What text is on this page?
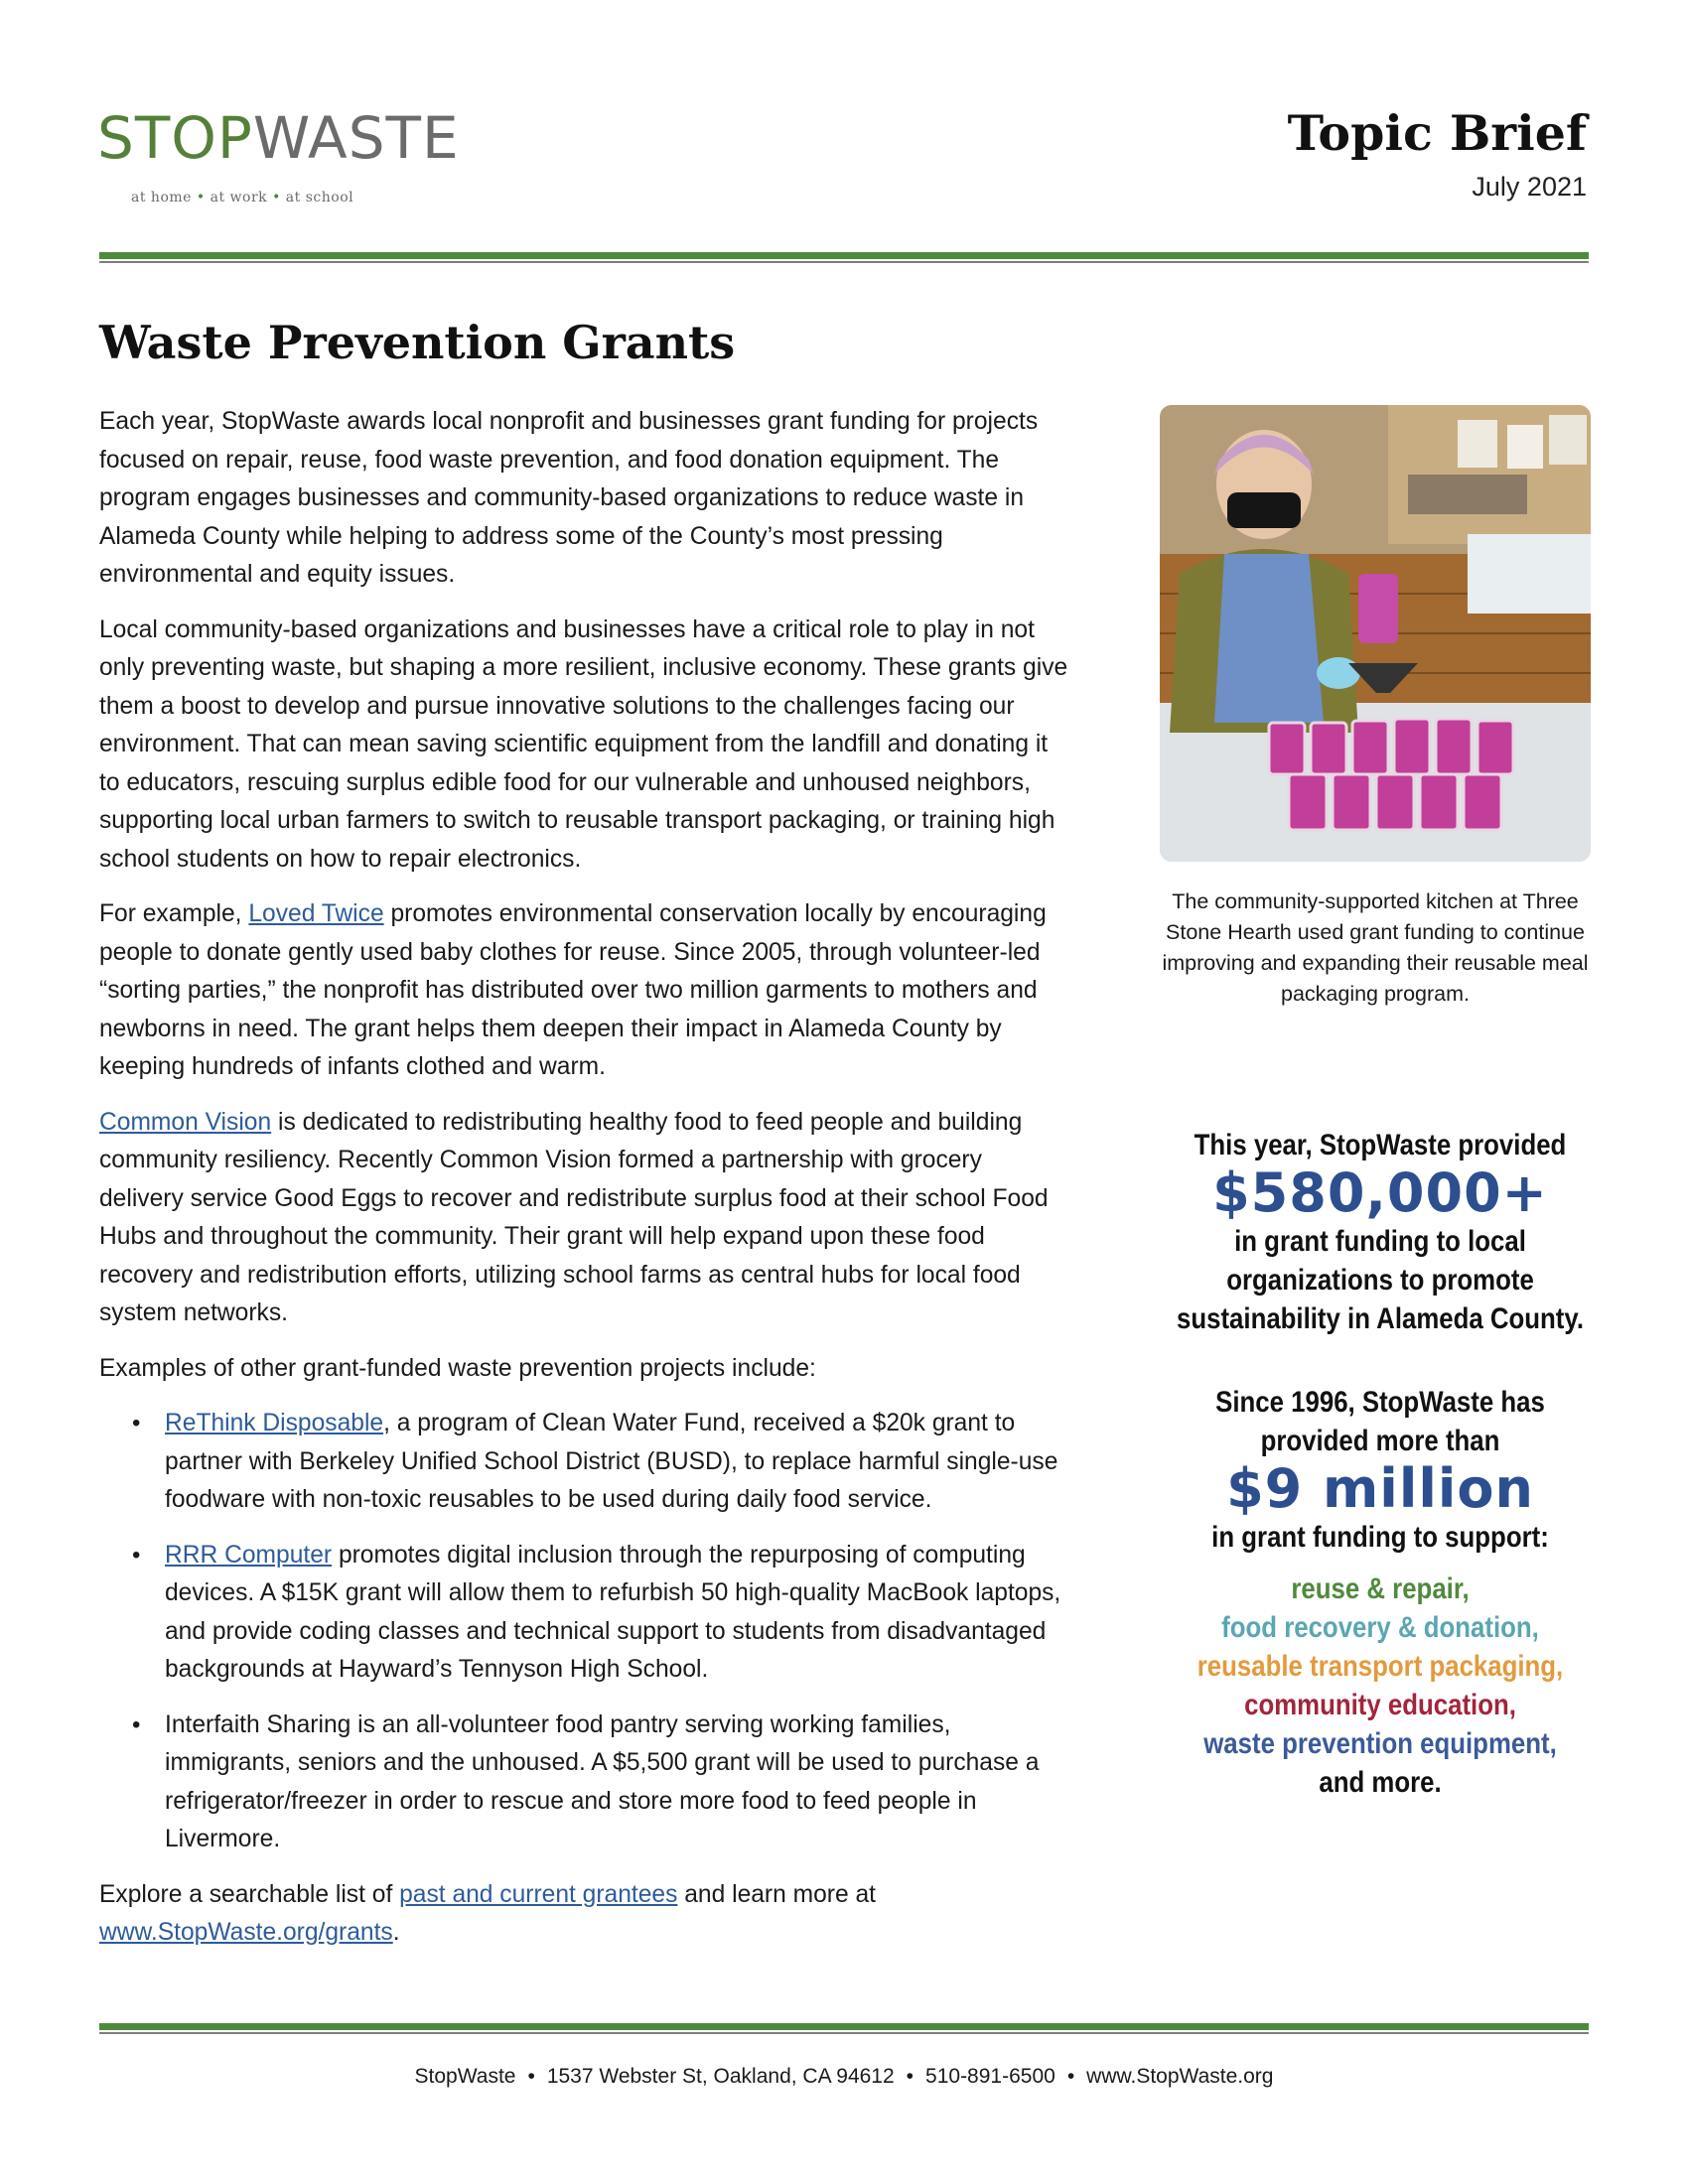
STOPWASTE
at home • at work • at school
Topic Brief
July 2021
Waste Prevention Grants

Each year, StopWaste awards local nonprofit and businesses grant funding for projects focused on repair, reuse, food waste prevention, and food donation equipment. The program engages businesses and community-based organizations to reduce waste in Alameda County while helping to address some of the County’s most pressing environmental and equity issues.

Local community-based organizations and businesses have a critical role to play in not only preventing waste, but shaping a more resilient, inclusive economy. These grants give them a boost to develop and pursue innovative solutions to the challenges facing our environment. That can mean saving scientific equipment from the landfill and donating it to educators, rescuing surplus edible food for our vulnerable and unhoused neighbors, supporting local urban farmers to switch to reusable transport packaging, or training high school students on how to repair electronics.

For example, Loved Twice promotes environmental conservation locally by encouraging people to donate gently used baby clothes for reuse. Since 2005, through volunteer-led “sorting parties,” the nonprofit has distributed over two million garments to mothers and newborns in need. The grant helps them deepen their impact in Alameda County by keeping hundreds of infants clothed and warm.

Common Vision is dedicated to redistributing healthy food to feed people and building community resiliency. Recently Common Vision formed a partnership with grocery delivery service Good Eggs to recover and redistribute surplus food at their school Food Hubs and throughout the community. Their grant will help expand upon these food recovery and redistribution efforts, utilizing school farms as central hubs for local food system networks.

Examples of other grant-funded waste prevention projects include:

• ReThink Disposable, a program of Clean Water Fund, received a $20k grant to partner with Berkeley Unified School District (BUSD), to replace harmful single-use foodware with non-toxic reusables to be used during daily food service.
• RRR Computer promotes digital inclusion through the repurposing of computing devices. A $15K grant will allow them to refurbish 50 high-quality MacBook laptops, and provide coding classes and technical support to students from disadvantaged backgrounds at Hayward’s Tennyson High School.
• Interfaith Sharing is an all-volunteer food pantry serving working families, immigrants, seniors and the unhoused. A $5,500 grant will be used to purchase a refrigerator/freezer in order to rescue and store more food to feed people in Livermore.

Explore a searchable list of past and current grantees and learn more at www.StopWaste.org/grants.

The community-supported kitchen at Three Stone Hearth used grant funding to continue improving and expanding their reusable meal packaging program.
This year, StopWaste provided
$580,000+
in grant funding to local
organizations to promote
sustainability in Alameda County.
Since 1996, StopWaste has
provided more than
$9 million
in grant funding to support:
reuse & repair,
food recovery & donation,
reusable transport packaging,
community education,
waste prevention equipment,
and more.
StopWaste • 1537 Webster St, Oakland, CA 94612 • 510-891-6500 • www.StopWaste.org
